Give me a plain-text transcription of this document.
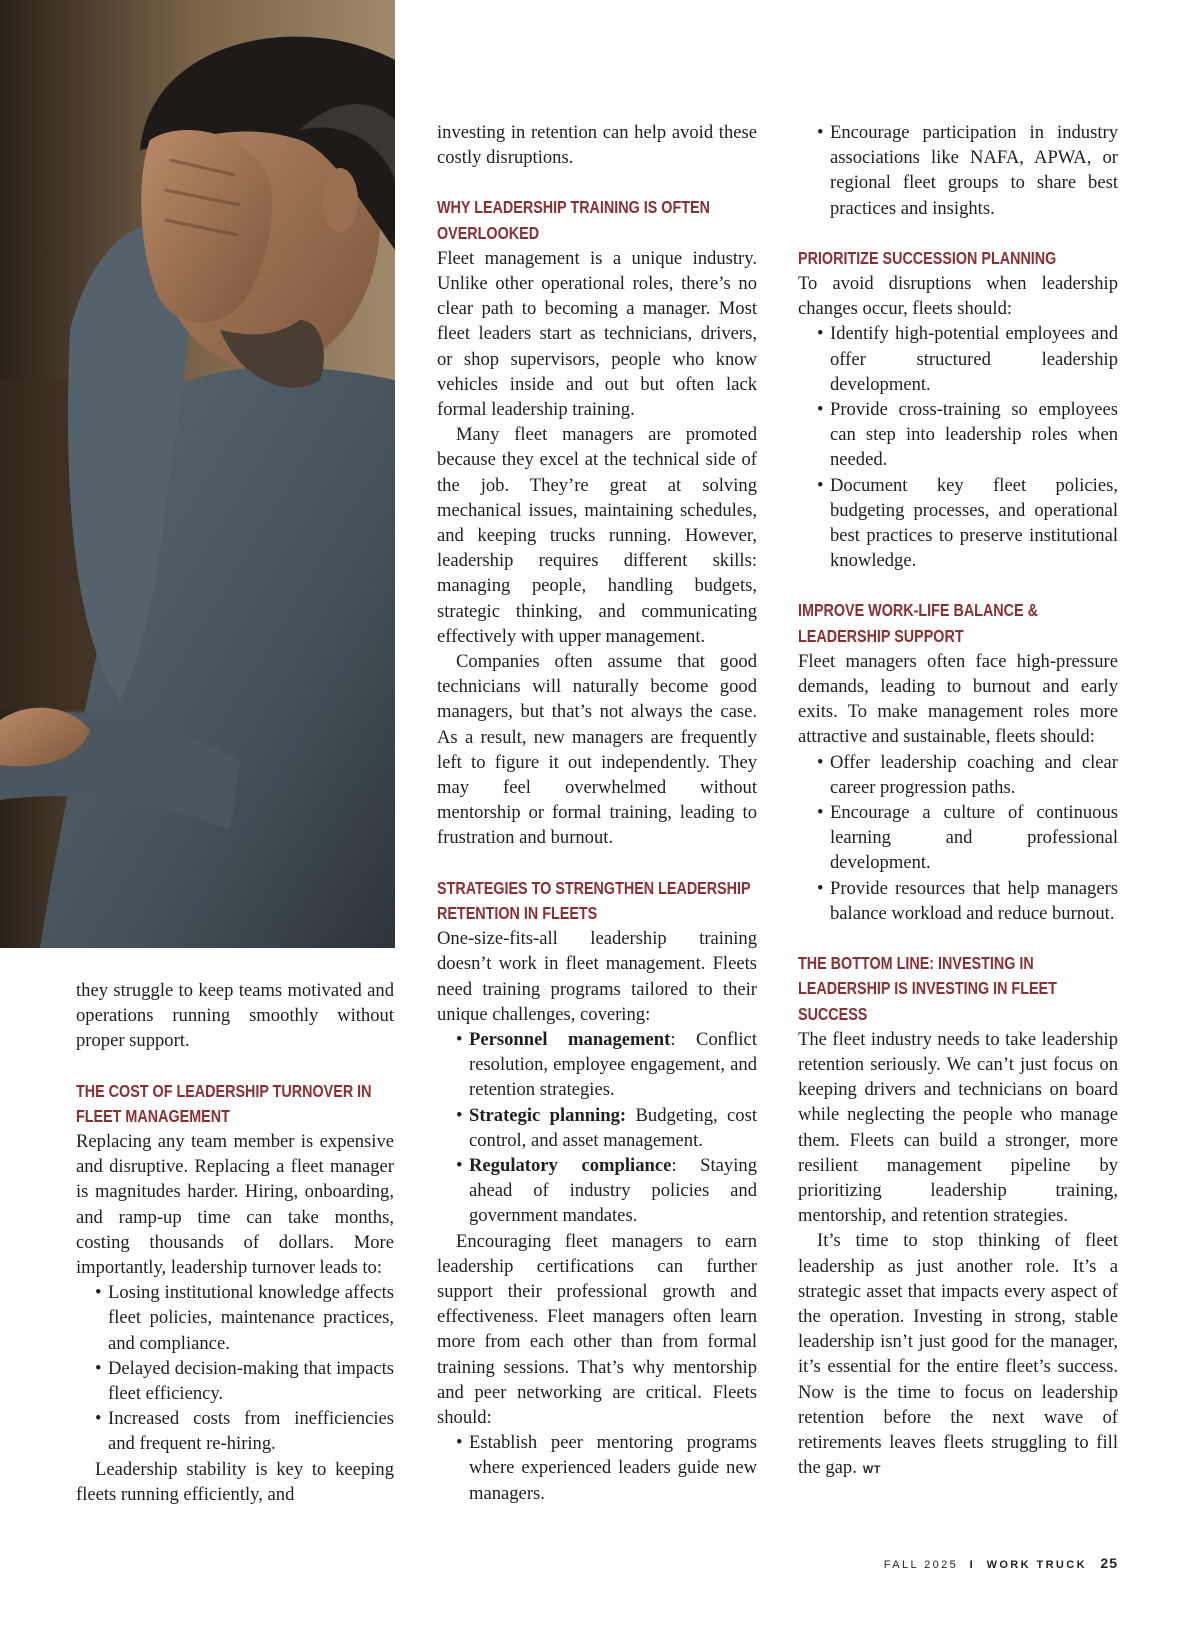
they struggle to keep teams motivated and operations running smoothly without proper support.

THE COST OF LEADERSHIP TURNOVER IN FLEET MANAGEMENT

Replacing any team member is expensive and disruptive. Replacing a fleet manager is magnitudes harder. Hiring, onboarding, and ramp-up time can take months, costing thousands of dollars. More importantly, leadership turnover leads to:

• Losing institutional knowledge affects fleet policies, maintenance practices, and compliance.
• Delayed decision-making that impacts fleet efficiency.
• Increased costs from inefficiencies and frequent re-hiring.

Leadership stability is key to keeping fleets running efficiently, and

investing in retention can help avoid these costly disruptions.

WHY LEADERSHIP TRAINING IS OFTEN OVERLOOKED

Fleet management is a unique industry. Unlike other operational roles, there’s no clear path to becoming a manager. Most fleet leaders start as technicians, drivers, or shop supervisors, people who know vehicles inside and out but often lack formal leadership training.

Many fleet managers are promoted because they excel at the technical side of the job. They’re great at solving mechanical issues, maintaining schedules, and keeping trucks running. However, leadership requires different skills: managing people, handling budgets, strategic thinking, and communicating effectively with upper management.

Companies often assume that good technicians will naturally become good managers, but that’s not always the case. As a result, new managers are frequently left to figure it out independently. They may feel overwhelmed without mentorship or formal training, leading to frustration and burnout.

STRATEGIES TO STRENGTHEN LEADERSHIP RETENTION IN FLEETS

One-size-fits-all leadership training doesn’t work in fleet management. Fleets need training programs tailored to their unique challenges, covering:

• Personnel management: Conflict resolution, employee engagement, and retention strategies.
• Strategic planning: Budgeting, cost control, and asset management.
• Regulatory compliance: Staying ahead of industry policies and government mandates.

Encouraging fleet managers to earn leadership certifications can further support their professional growth and effectiveness. Fleet managers often learn more from each other than from formal training sessions. That’s why mentorship and peer networking are critical. Fleets should:

• Establish peer mentoring programs where experienced leaders guide new managers.
• Encourage participation in industry associations like NAFA, APWA, or regional fleet groups to share best practices and insights.
PRIORITIZE SUCCESSION PLANNING

To avoid disruptions when leadership changes occur, fleets should:

• Identify high-potential employees and offer structured leadership development.
• Provide cross-training so employees can step into leadership roles when needed.
• Document key fleet policies, budgeting processes, and operational best practices to preserve institutional knowledge.
IMPROVE WORK-LIFE BALANCE & LEADERSHIP SUPPORT

Fleet managers often face high-pressure demands, leading to burnout and early exits. To make management roles more attractive and sustainable, fleets should:

• Offer leadership coaching and clear career progression paths.
• Encourage a culture of continuous learning and professional development.
• Provide resources that help managers balance workload and reduce burnout.
THE BOTTOM LINE: INVESTING IN LEADERSHIP IS INVESTING IN FLEET SUCCESS

The fleet industry needs to take leadership retention seriously. We can’t just focus on keeping drivers and technicians on board while neglecting the people who manage them. Fleets can build a stronger, more resilient management pipeline by prioritizing leadership training, mentorship, and retention strategies.

It’s time to stop thinking of fleet leadership as just another role. It’s a strategic asset that impacts every aspect of the operation. Investing in strong, stable leadership isn’t just good for the manager, it’s essential for the entire fleet’s success. Now is the time to focus on leadership retention before the next wave of retirements leaves fleets struggling to fill the gap. WT

FALL 2025 I WORK TRUCK 25
